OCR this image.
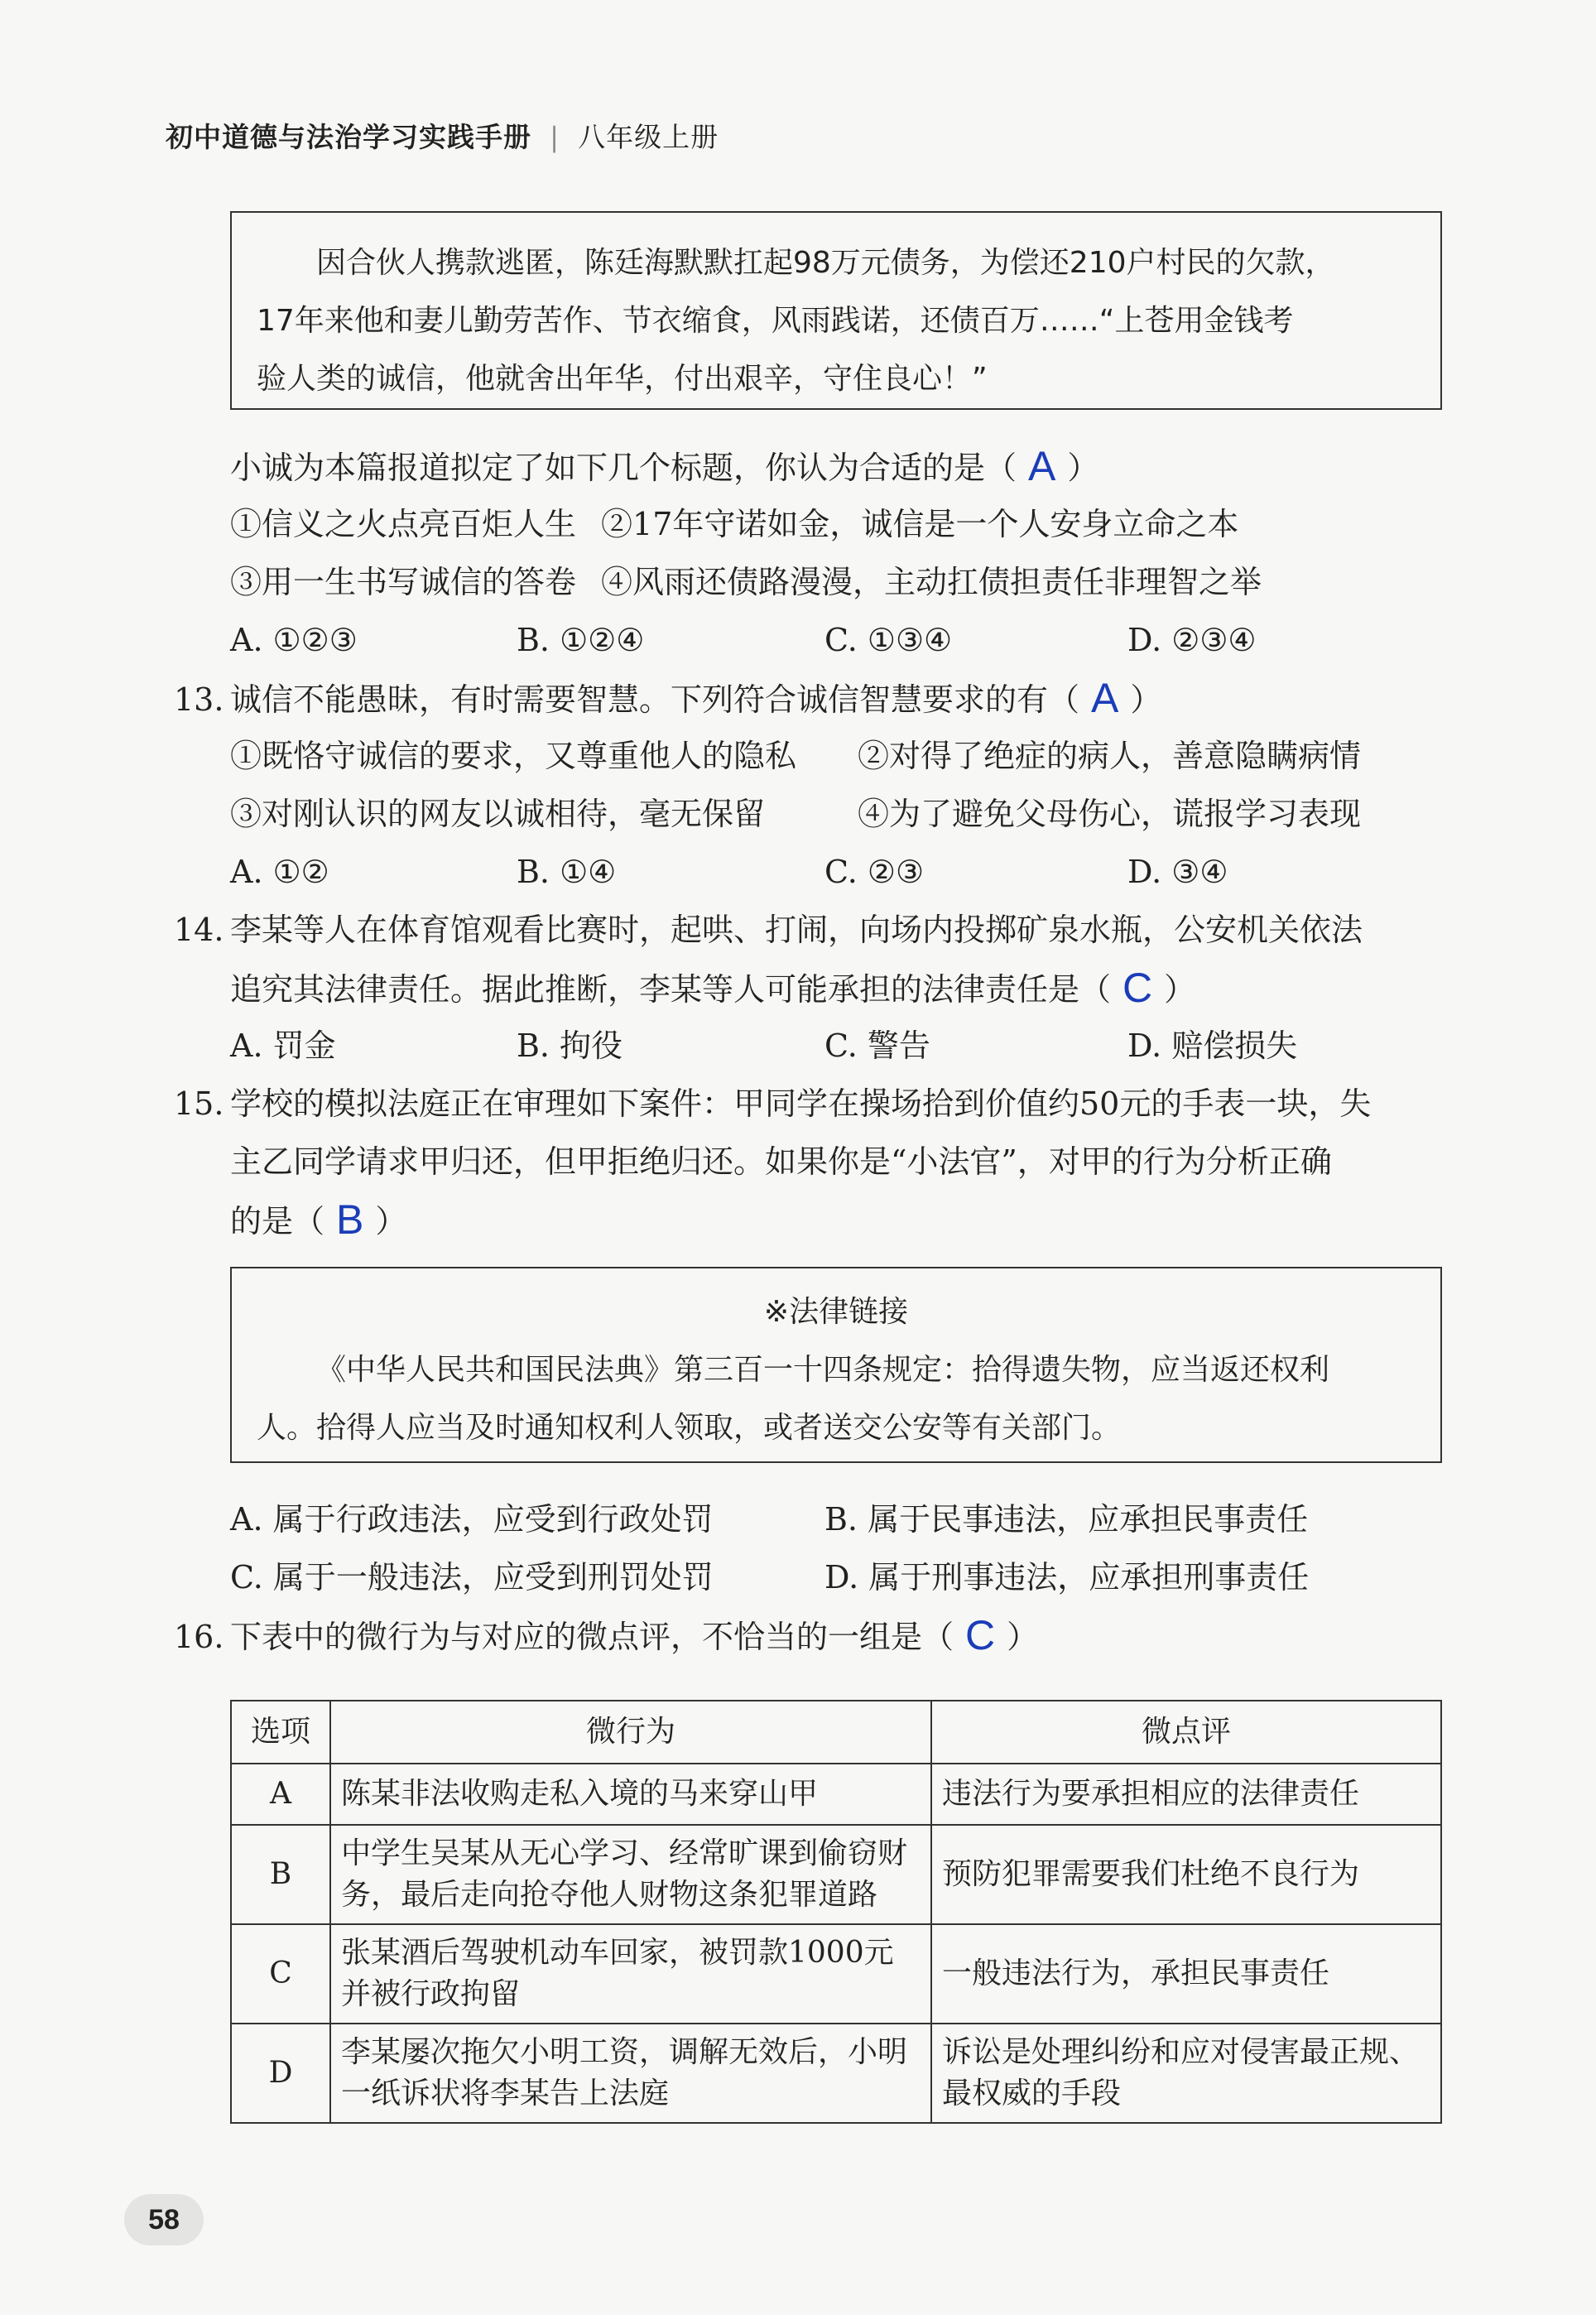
初中道德与法治学习实践手册 | 八年级上册
因合伙人携款逃匿，陈廷海默默扛起98万元债务，为偿还210户村民的欠款，
17年来他和妻儿勤劳苦作、节衣缩食，风雨践诺，还债百万……“上苍用金钱考
验人类的诚信，他就舍出年华，付出艰辛，守住良心！”
小诚为本篇报道拟定了如下几个标题，你认为合适的是（ A ）
①信义之火点亮百炬人生 ②17年守诺如金，诚信是一个人安身立命之本
③用一生书写诚信的答卷 ④风雨还债路漫漫，主动扛债担责任非理智之举
A. ①②③	B. ①②④	C. ①③④	D. ②③④
13. 诚信不能愚昧，有时需要智慧。下列符合诚信智慧要求的有（ A ）
①既恪守诚信的要求，又尊重他人的隐私 ②对得了绝症的病人，善意隐瞒病情
③对刚认识的网友以诚相待，毫无保留	④为了避免父母伤心，谎报学习表现
A. ①②	B. ①④	C. ②③	D. ③④
14. 李某等人在体育馆观看比赛时，起哄、打闹，向场内投掷矿泉水瓶，公安机关依法
追究其法律责任。据此推断，李某等人可能承担的法律责任是（ C ）
A. 罚金	B. 拘役	C. 警告	D. 赔偿损失
15. 学校的模拟法庭正在审理如下案件：甲同学在操场拾到价值约50元的手表一块，失
主乙同学请求甲归还，但甲拒绝归还。如果你是“小法官”，对甲的行为分析正确
的是（ B ）
※法律链接
《中华人民共和国民法典》第三百一十四条规定：拾得遗失物，应当返还权利
人。拾得人应当及时通知权利人领取，或者送交公安等有关部门。
A. 属于行政违法，应受到行政处罚	B. 属于民事违法，应承担民事责任
C. 属于一般违法，应受到刑罚处罚	D. 属于刑事违法，应承担刑事责任
16. 下表中的微行为与对应的微点评，不恰当的一组是（ C ）
选项	微行为	微点评
A	陈某非法收购走私入境的马来穿山甲	违法行为要承担相应的法律责任
B	中学生吴某从无心学习、经常旷课到偷窃财务，最后走向抢夺他人财物这条犯罪道路	预防犯罪需要我们杜绝不良行为
C	张某酒后驾驶机动车回家，被罚款1000元并被行政拘留	一般违法行为，承担民事责任
D	李某屡次拖欠小明工资，调解无效后，小明一纸诉状将李某告上法庭	诉讼是处理纠纷和应对侵害最正规、最权威的手段
58
